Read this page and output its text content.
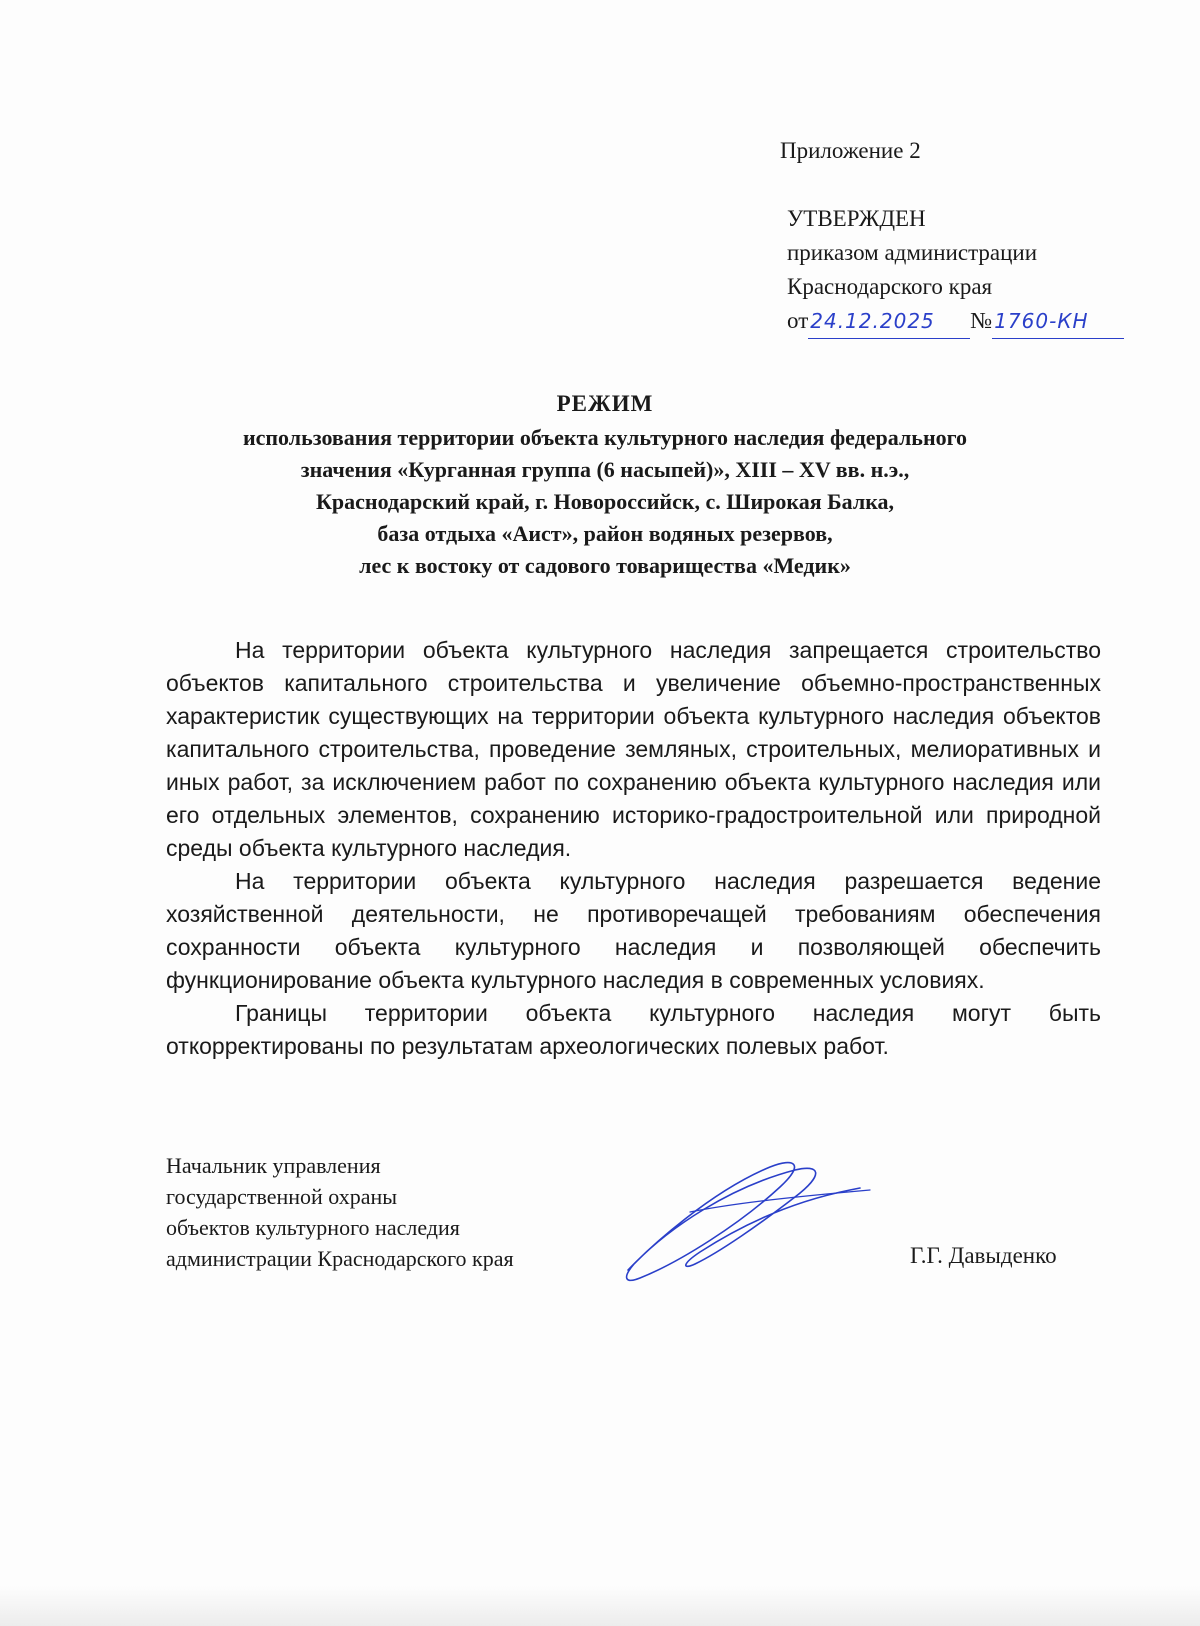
Приложение 2
УТВЕРЖДЕН
приказом администрации
Краснодарского края
от 24.12.2025 № 1760-КН
РЕЖИМ
использования территории объекта культурного наследия федерального
значения «Курганная группа (6 насыпей)», XIII – XV вв. н.э.,
Краснодарский край, г. Новороссийск, с. Широкая Балка,
база отдыха «Аист», район водяных резервов,
лес к востоку от садового товарищества «Медик»

На территории объекта культурного наследия запрещается строительство объектов капитального строительства и увеличение объемно-пространственных характеристик существующих на территории объекта культурного наследия объектов капитального строительства, проведение земляных, строительных, мелиоративных и иных работ, за исключением работ по сохранению объекта культурного наследия или его отдельных элементов, сохранению историко-градостроительной или природной среды объекта культурного наследия.

На территории объекта культурного наследия разрешается ведение хозяйственной деятельности, не противоречащей требованиям обеспечения сохранности объекта культурного наследия и позволяющей обеспечить функционирование объекта культурного наследия в современных условиях.

Границы территории объекта культурного наследия могут быть откорректированы по результатам археологических полевых работ.

Начальник управления
государственной охраны
объектов культурного наследия
администрации Краснодарского края	Г.Г. Давыденко
